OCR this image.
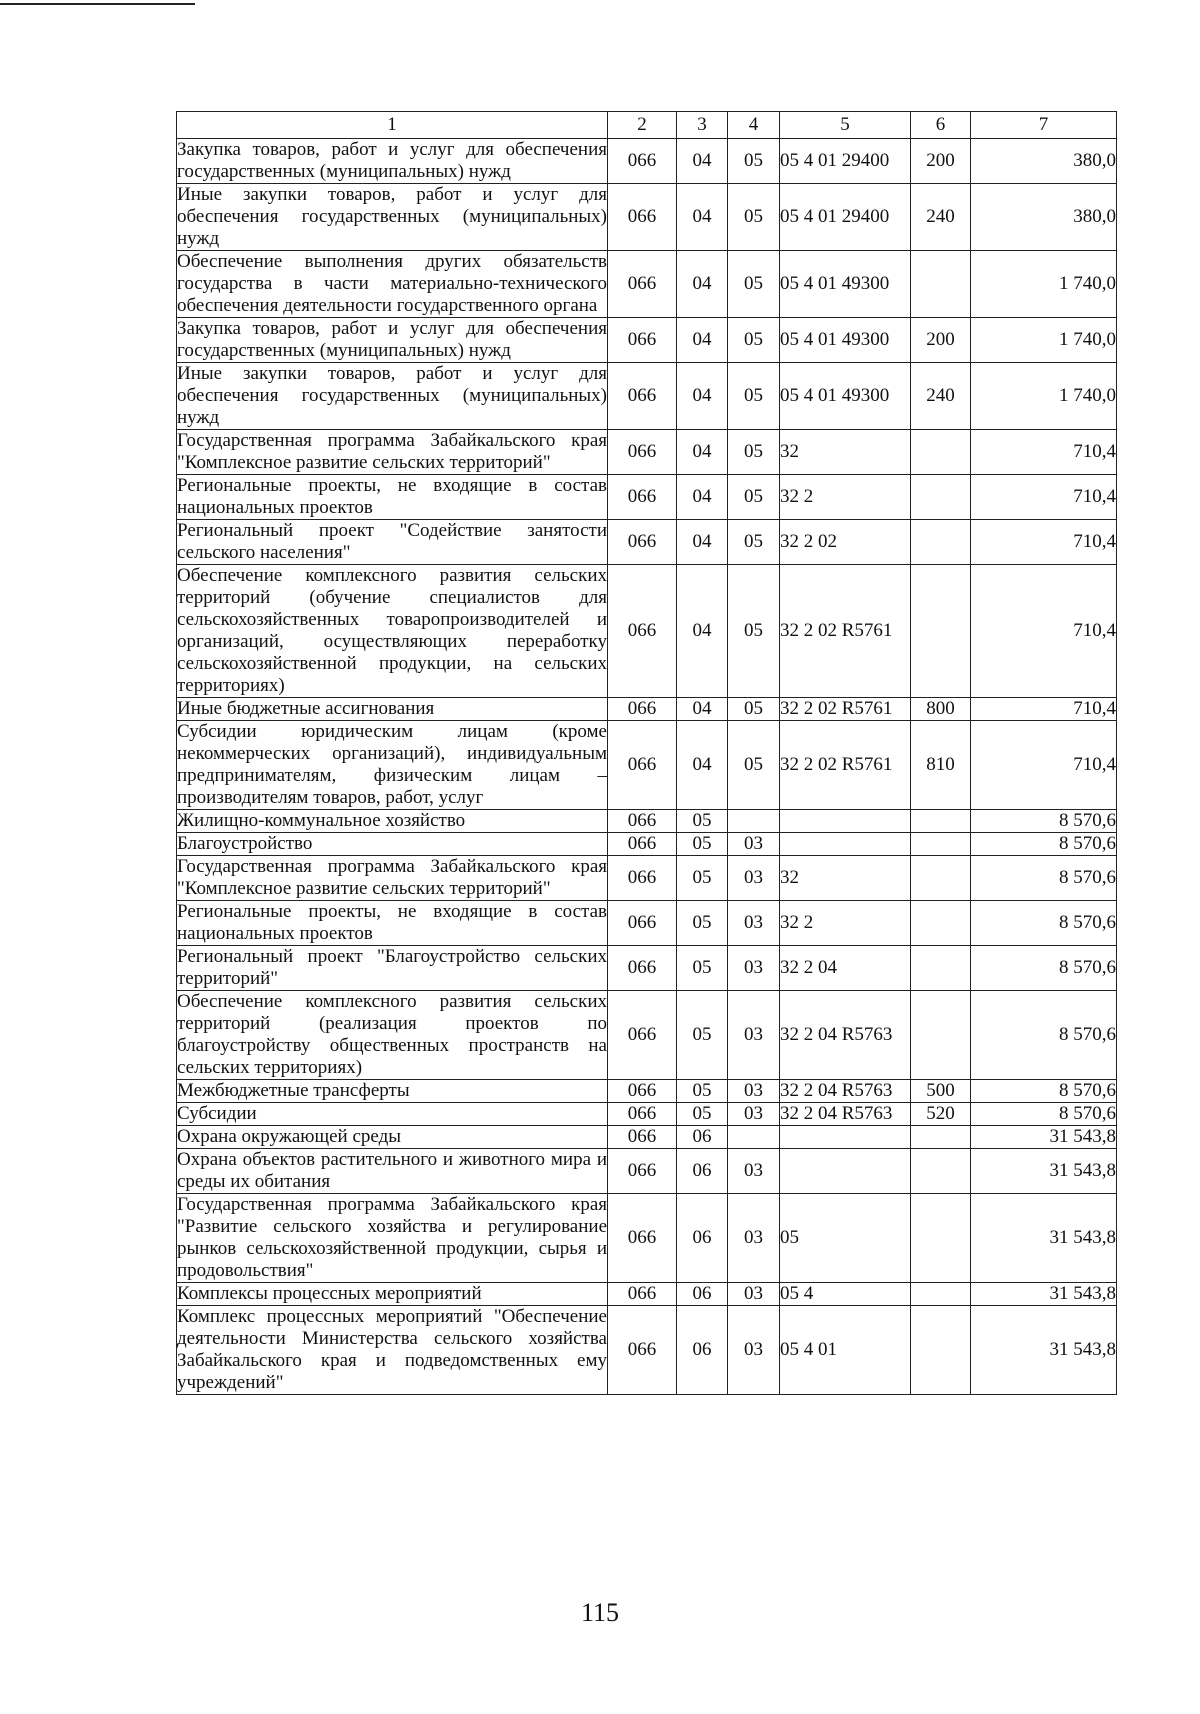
1	2	3	4	5	6	7
Закупка товаров, работ и услуг для обеспечения государственных (муниципальных) нужд	066	04	05	05 4 01 29400	200	380,0
Иные закупки товаров, работ и услуг для обеспечения государственных (муниципальных) нужд	066	04	05	05 4 01 29400	240	380,0
Обеспечение выполнения других обязательств государства в части материально-технического обеспечения деятельности государственного органа	066	04	05	05 4 01 49300		1 740,0
Закупка товаров, работ и услуг для обеспечения государственных (муниципальных) нужд	066	04	05	05 4 01 49300	200	1 740,0
Иные закупки товаров, работ и услуг для обеспечения государственных (муниципальных) нужд	066	04	05	05 4 01 49300	240	1 740,0
Государственная программа Забайкальского края "Комплексное развитие сельских территорий"	066	04	05	32		710,4
Региональные проекты, не входящие в состав национальных проектов	066	04	05	32 2		710,4
Региональный проект "Содействие занятости сельского населения"	066	04	05	32 2 02		710,4
Обеспечение комплексного развития сельских территорий (обучение специалистов для сельскохозяйственных товаропроизводителей и организаций, осуществляющих переработку сельскохозяйственной продукции, на сельских территориях)	066	04	05	32 2 02 R5761		710,4
Иные бюджетные ассигнования	066	04	05	32 2 02 R5761	800	710,4
Субсидии юридическим лицам (кроме некоммерческих организаций), индивидуальным предпринимателям, физическим лицам – производителям товаров, работ, услуг	066	04	05	32 2 02 R5761	810	710,4
Жилищно-коммунальное хозяйство	066	05				8 570,6
Благоустройство	066	05	03			8 570,6
Государственная программа Забайкальского края "Комплексное развитие сельских территорий"	066	05	03	32		8 570,6
Региональные проекты, не входящие в состав национальных проектов	066	05	03	32 2		8 570,6
Региональный проект "Благоустройство сельских территорий"	066	05	03	32 2 04		8 570,6
Обеспечение комплексного развития сельских территорий (реализация проектов по благоустройству общественных пространств на сельских территориях)	066	05	03	32 2 04 R5763		8 570,6
Межбюджетные трансферты	066	05	03	32 2 04 R5763	500	8 570,6
Субсидии	066	05	03	32 2 04 R5763	520	8 570,6
Охрана окружающей среды	066	06				31 543,8
Охрана объектов растительного и животного мира и среды их обитания	066	06	03			31 543,8
Государственная программа Забайкальского края "Развитие сельского хозяйства и регулирование рынков сельскохозяйственной продукции, сырья и продовольствия"	066	06	03	05		31 543,8
Комплексы процессных мероприятий	066	06	03	05 4		31 543,8
Комплекс процессных мероприятий "Обеспечение деятельности Министерства сельского хозяйства Забайкальского края и подведомственных ему учреждений"	066	06	03	05 4 01		31 543,8
115
